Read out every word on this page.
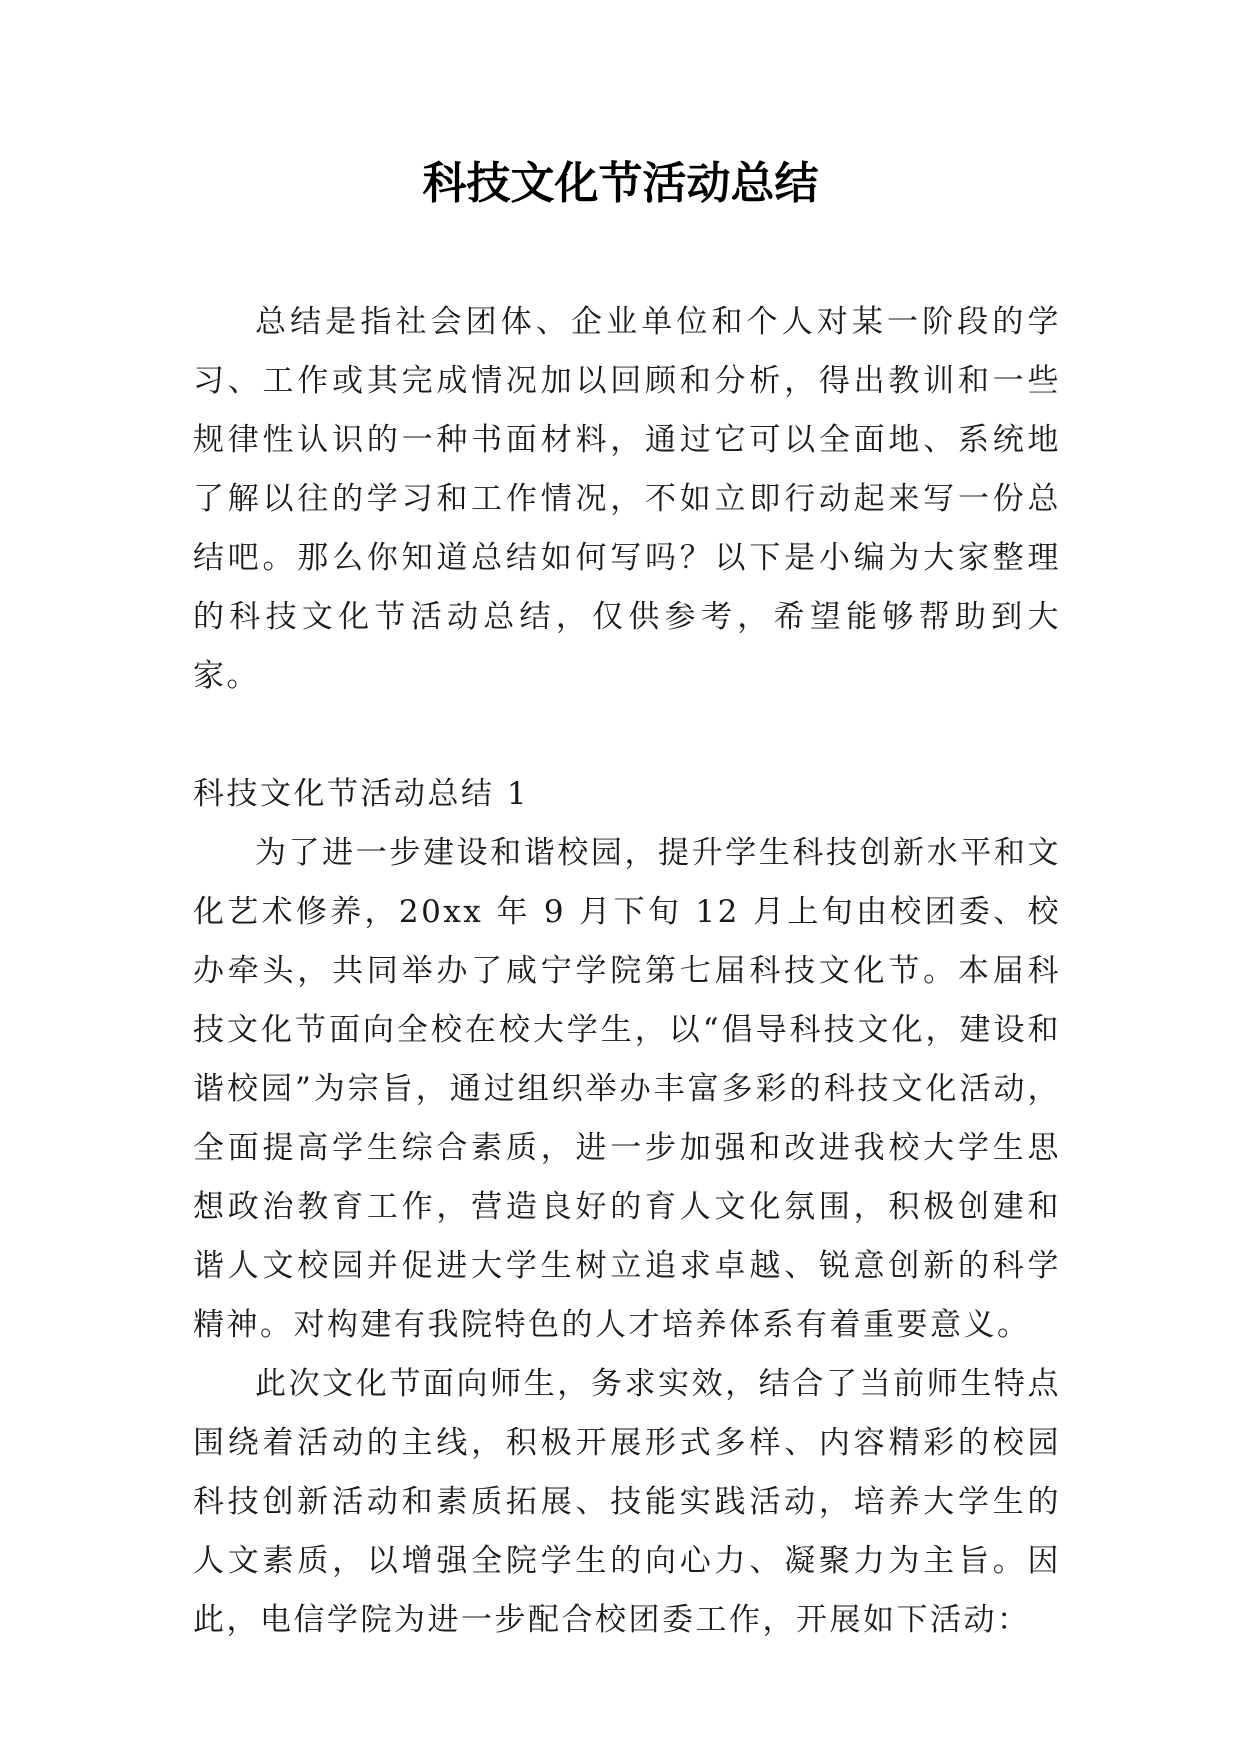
科技文化节活动总结

总结是指社会团体、企业单位和个人对某一阶段的学习、工作或其完成情况加以回顾和分析，得出教训和一些规律性认识的一种书面材料，通过它可以全面地、系统地了解以往的学习和工作情况，不如立即行动起来写一份总结吧。那么你知道总结如何写吗？以下是小编为大家整理的科技文化节活动总结，仅供参考，希望能够帮助到大家。

科技文化节活动总结 1

为了进一步建设和谐校园，提升学生科技创新水平和文化艺术修养，20xx 年 9 月下旬 12 月上旬由校团委、校办牵头，共同举办了咸宁学院第七届科技文化节。本届科技文化节面向全校在校大学生，以“倡导科技文化，建设和谐校园”为宗旨，通过组织举办丰富多彩的科技文化活动，全面提高学生综合素质，进一步加强和改进我校大学生思想政治教育工作，营造良好的育人文化氛围，积极创建和谐人文校园并促进大学生树立追求卓越、锐意创新的科学精神。对构建有我院特色的人才培养体系有着重要意义。

此次文化节面向师生，务求实效，结合了当前师生特点围绕着活动的主线，积极开展形式多样、内容精彩的校园科技创新活动和素质拓展、技能实践活动，培养大学生的人文素质，以增强全院学生的向心力、凝聚力为主旨。因此，电信学院为进一步配合校团委工作，开展如下活动：
